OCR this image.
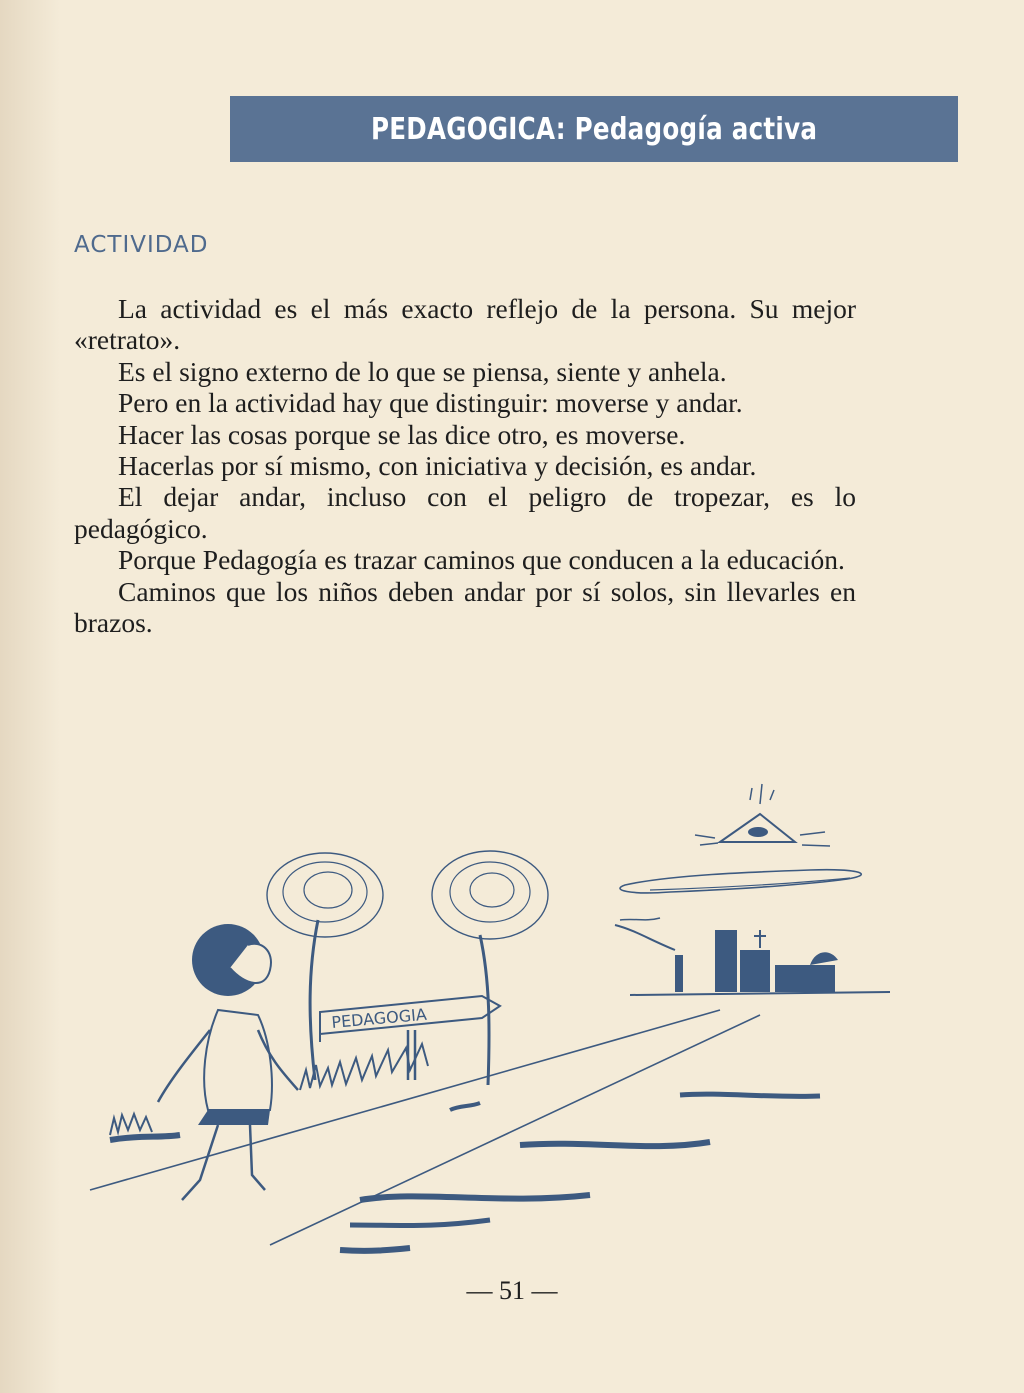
PEDAGOGICA: Pedagogía activa
ACTIVIDAD

La actividad es el más exacto reflejo de la persona. Su mejor «retrato».

Es el signo externo de lo que se piensa, siente y anhela.

Pero en la actividad hay que distinguir: moverse y andar.

Hacer las cosas porque se las dice otro, es moverse.

Hacerlas por sí mismo, con iniciativa y decisión, es andar.

El dejar andar, incluso con el peligro de tropezar, es lo pedagógico.

Porque Pedagogía es trazar caminos que conducen a la educación.

Caminos que los niños deben andar por sí solos, sin llevarles en brazos.

PEDAGOGIA
— 51 —
